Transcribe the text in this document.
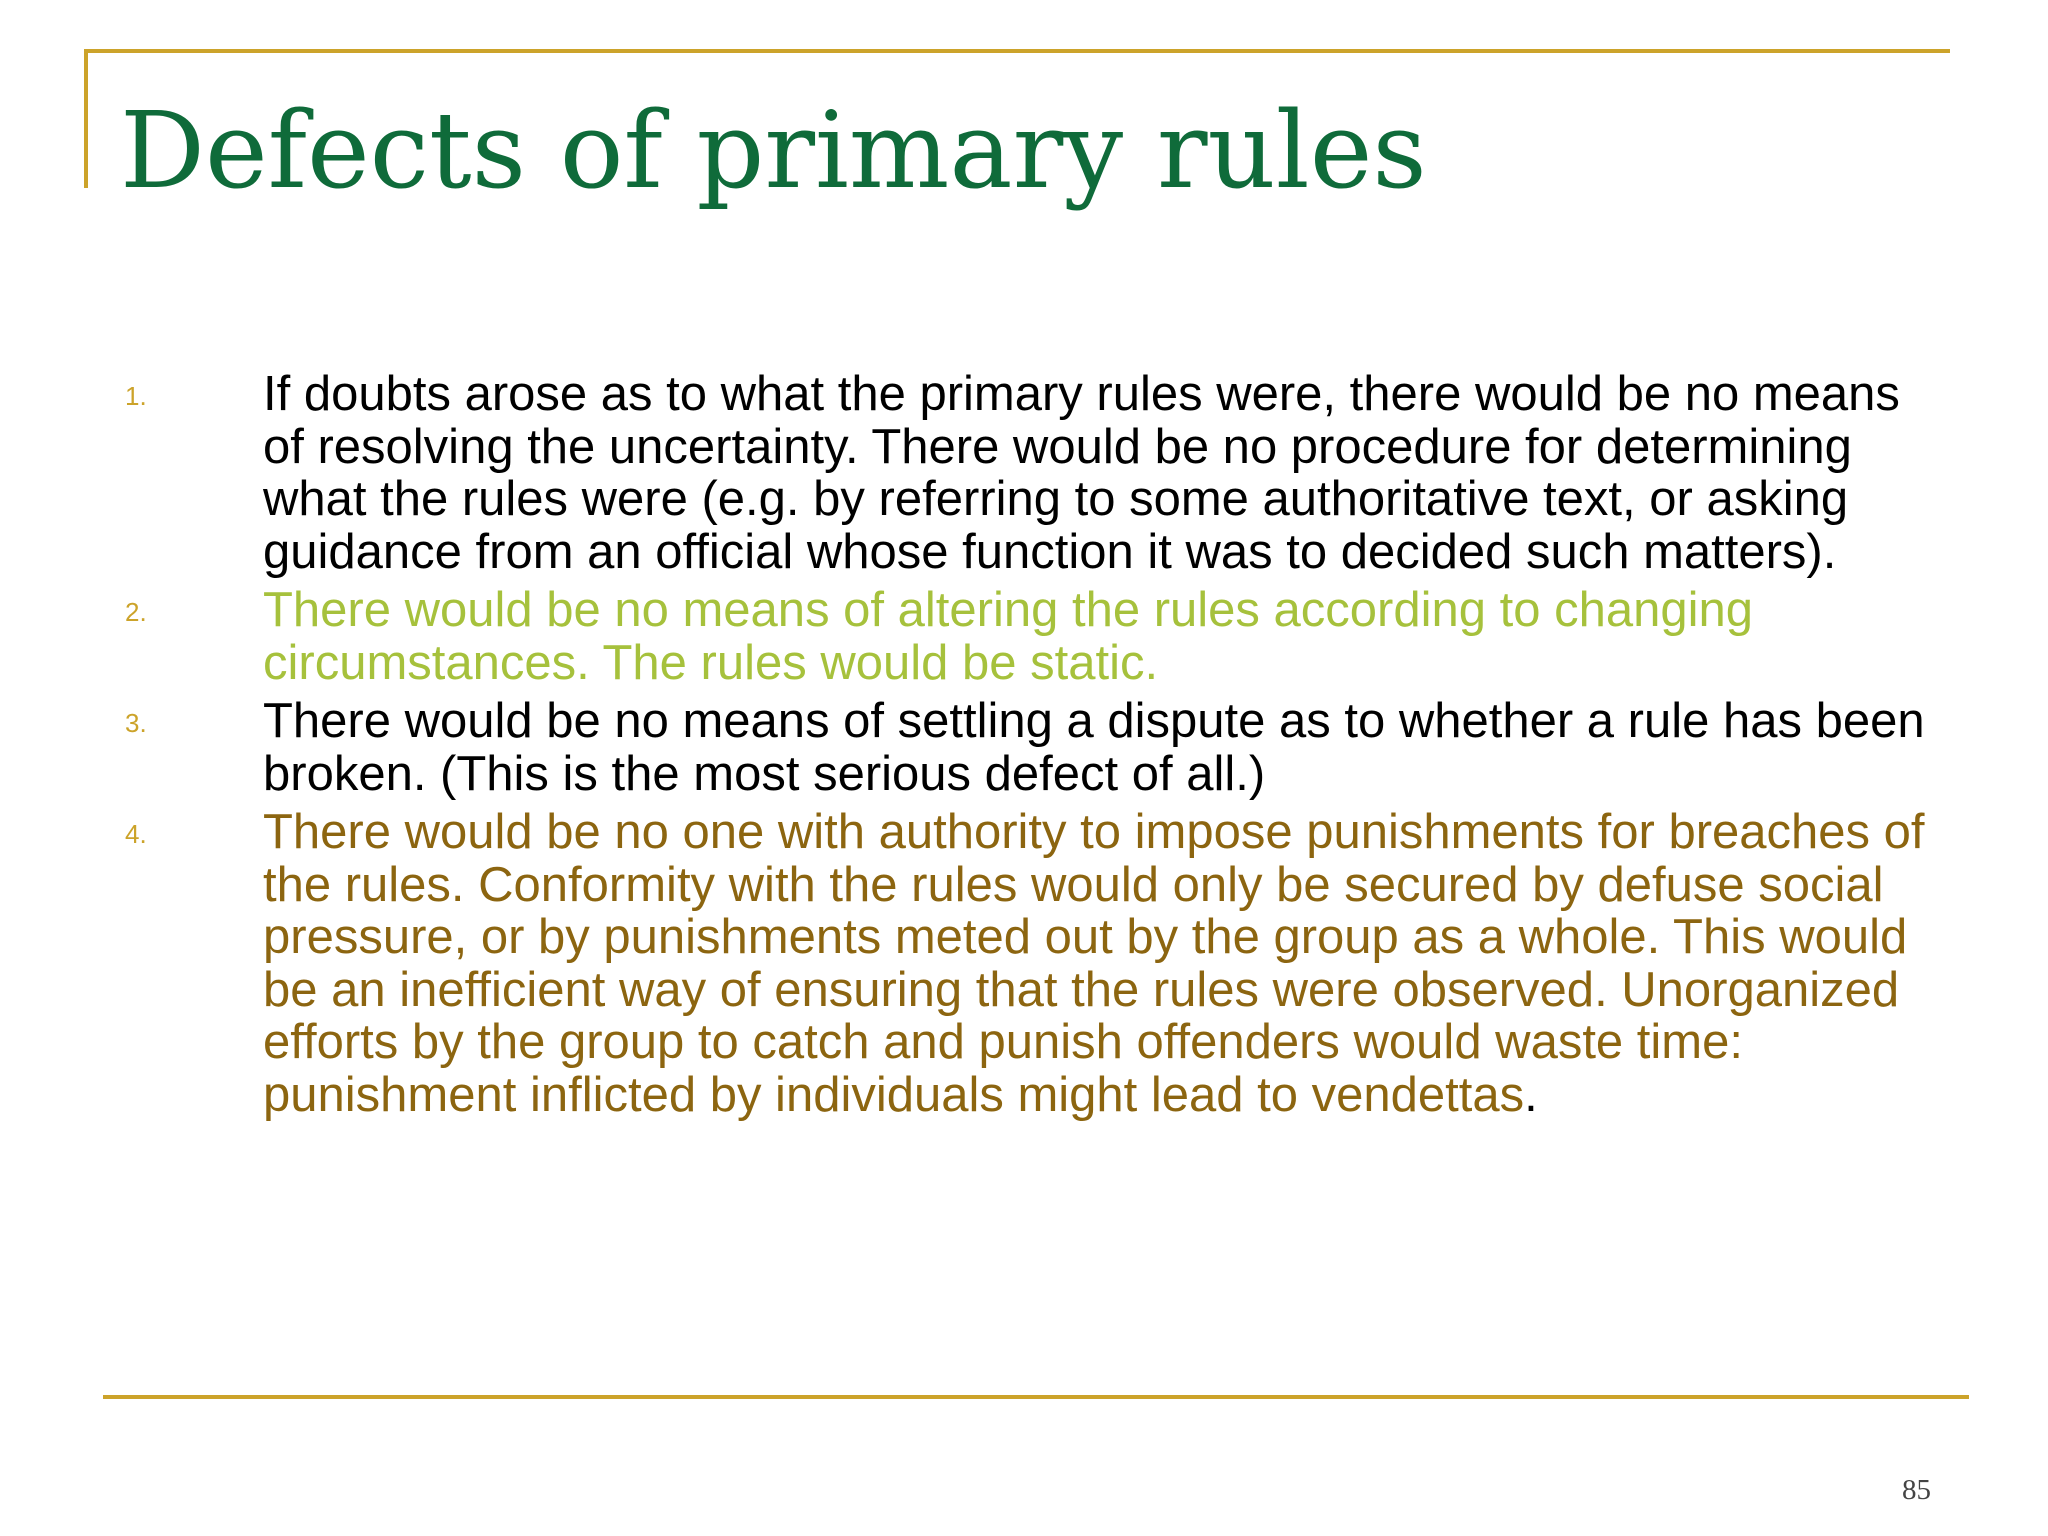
Defects of primary rules
1. If doubts arose as to what the primary rules were, there would be no means of resolving the uncertainty. There would be no procedure for determining what the rules were (e.g. by referring to some authoritative text, or asking guidance from an official whose function it was to decided such matters).
2. There would be no means of altering the rules according to changing circumstances. The rules would be static.
3. There would be no means of settling a dispute as to whether a rule has been broken. (This is the most serious defect of all.)
4. There would be no one with authority to impose punishments for breaches of the rules. Conformity with the rules would only be secured by defuse social pressure, or by punishments meted out by the group as a whole. This would be an inefficient way of ensuring that the rules were observed. Unorganized efforts by the group to catch and punish offenders would waste time: punishment inflicted by individuals might lead to vendettas.
85
